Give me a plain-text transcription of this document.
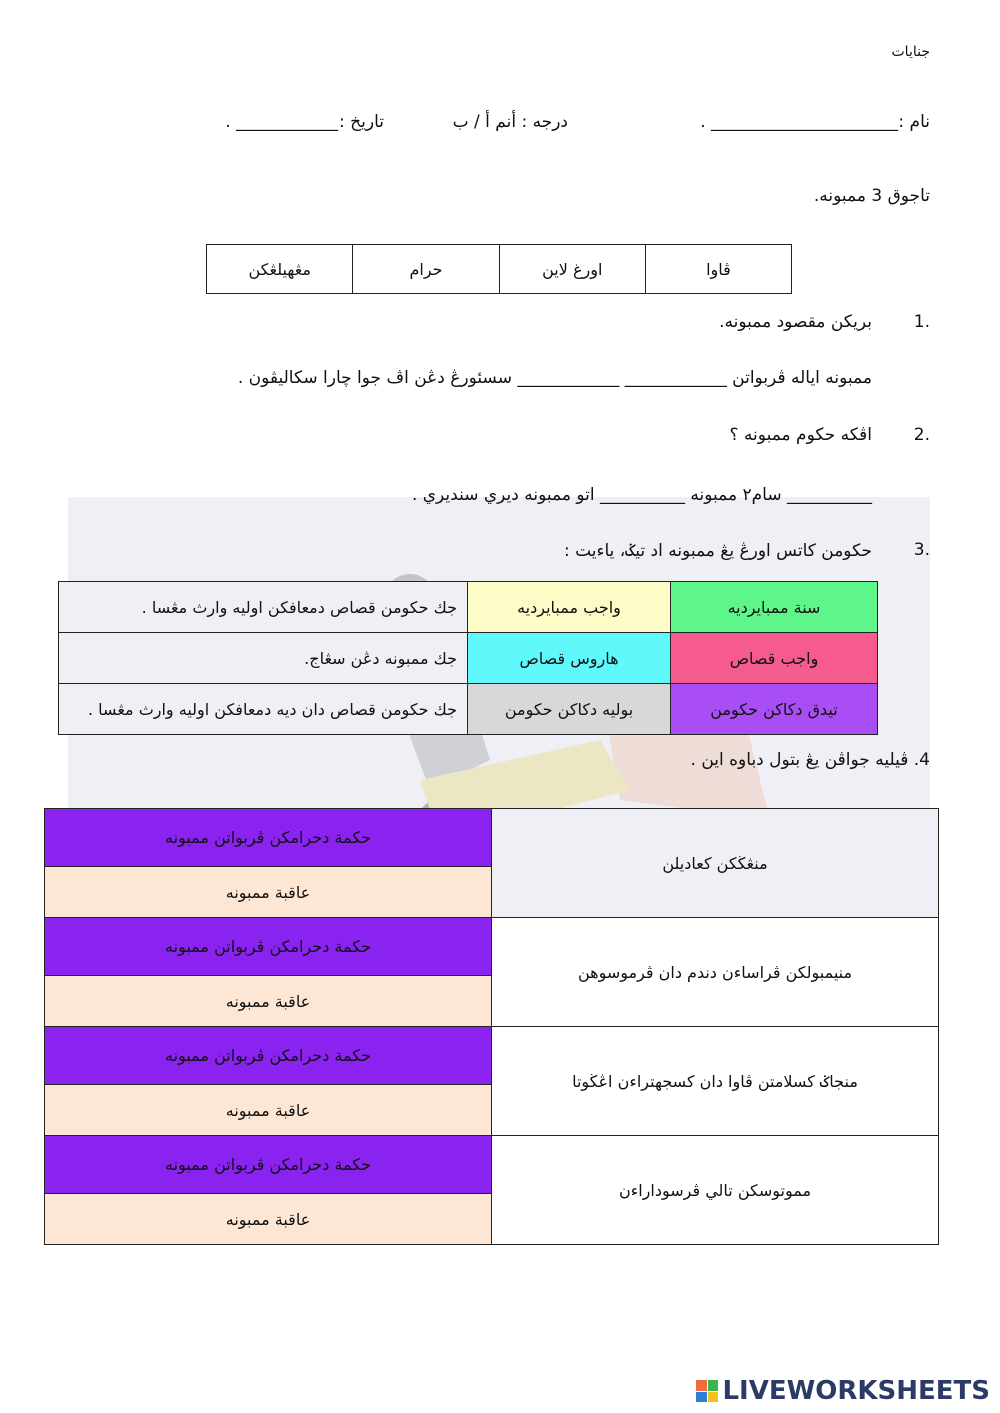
جنايات
نام :
______________________ .
درجه : أنم أ / ب
تاريخ :
____________ .
تاجوق 3 ممبونه.
ڤاوا	اورغ لاين	حرام	مڠهيلڠكن
1.
بريكن مقصود ممبونه.
ممبونه اياله ڤربواتن ____________ ____________ سسئورڠ دڠن اڤ جوا چارا سکاليڤون .
2.
اڤكه حكوم ممبونه ؟
__________ سام٢ ممبونه __________ اتو ممبونه ديري سنديري .
3.
حكومن كاتس اورڠ يڠ ممبونه اد تيݢ، ياءيت :
سنة ممبايرديه	واجب ممبايرديه	جك حكومن قصاص دمعافكن اوليه وارث مڠسا .
واجب قصاص	هاروس قصاص	جك ممبونه دڠن سڠاج.
تيدق دكاكن حكومن	بوليه دكاكن حكومن	جك حكومن قصاص دان ديه دمعافكن اوليه وارث مڠسا .
4. ڤيليه جواڤن يڠ بتول دباوه اين .
حكمة دحرامكن ڤربواتن ممبونه	منڠڬكن كعاديلن
عاقبة ممبونه	
حكمة دحرامكن ڤربواتن ممبونه	منيمبولكن ڤراساءن دندم دان ڤرموسوهن
عاقبة ممبونه	
حكمة دحرامكن ڤربواتن ممبونه	منجاݢ كسلامتن ڤاوا دان كسجهتراءن اڠڬوتا
عاقبة ممبونه	
حكمة دحرامكن ڤربواتن ممبونه	مموتوسكن تالي ڤرسوداراءن
عاقبة ممبونه	
LIVEWORKSHEETS
